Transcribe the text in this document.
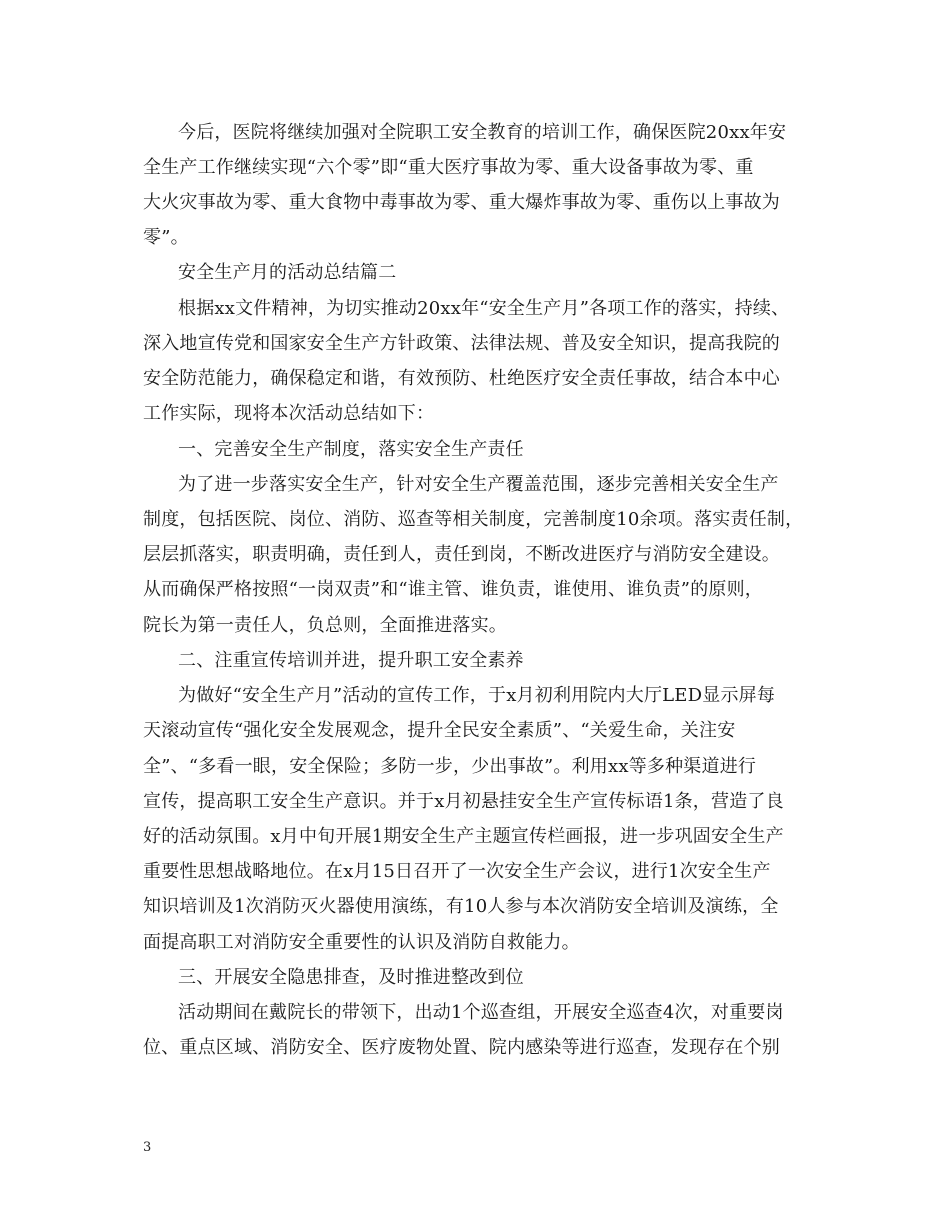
今后，医院将继续加强对全院职工安全教育的培训工作，确保医院20xx年安
全生产工作继续实现“六个零”即“重大医疗事故为零、重大设备事故为零、重
大火灾事故为零、重大食物中毒事故为零、重大爆炸事故为零、重伤以上事故为
零”。
安全生产月的活动总结篇二
根据xx文件精神，为切实推动20xx年“安全生产月”各项工作的落实，持续、
深入地宣传党和国家安全生产方针政策、法律法规、普及安全知识，提高我院的
安全防范能力，确保稳定和谐，有效预防、杜绝医疗安全责任事故，结合本中心
工作实际，现将本次活动总结如下：
一、完善安全生产制度，落实安全生产责任
为了进一步落实安全生产，针对安全生产覆盖范围，逐步完善相关安全生产
制度，包括医院、岗位、消防、巡查等相关制度，完善制度10余项。落实责任制，
层层抓落实，职责明确，责任到人，责任到岗，不断改进医疗与消防安全建设。
从而确保严格按照“一岗双责”和“谁主管、谁负责，谁使用、谁负责”的原则，
院长为第一责任人，负总则，全面推进落实。
二、注重宣传培训并进，提升职工安全素养
为做好“安全生产月”活动的宣传工作，于x月初利用院内大厅LED显示屏每
天滚动宣传“强化安全发展观念，提升全民安全素质”、“关爱生命，关注安
全”、“多看一眼，安全保险；多防一步，少出事故”。利用xx等多种渠道进行
宣传，提高职工安全生产意识。并于x月初悬挂安全生产宣传标语1条，营造了良
好的活动氛围。x月中旬开展1期安全生产主题宣传栏画报，进一步巩固安全生产
重要性思想战略地位。在x月15日召开了一次安全生产会议，进行1次安全生产
知识培训及1次消防灭火器使用演练，有10人参与本次消防安全培训及演练，全
面提高职工对消防安全重要性的认识及消防自救能力。
三、开展安全隐患排查，及时推进整改到位
活动期间在戴院长的带领下，出动1个巡查组，开展安全巡查4次，对重要岗
位、重点区域、消防安全、医疗废物处置、院内感染等进行巡查，发现存在个别
3
